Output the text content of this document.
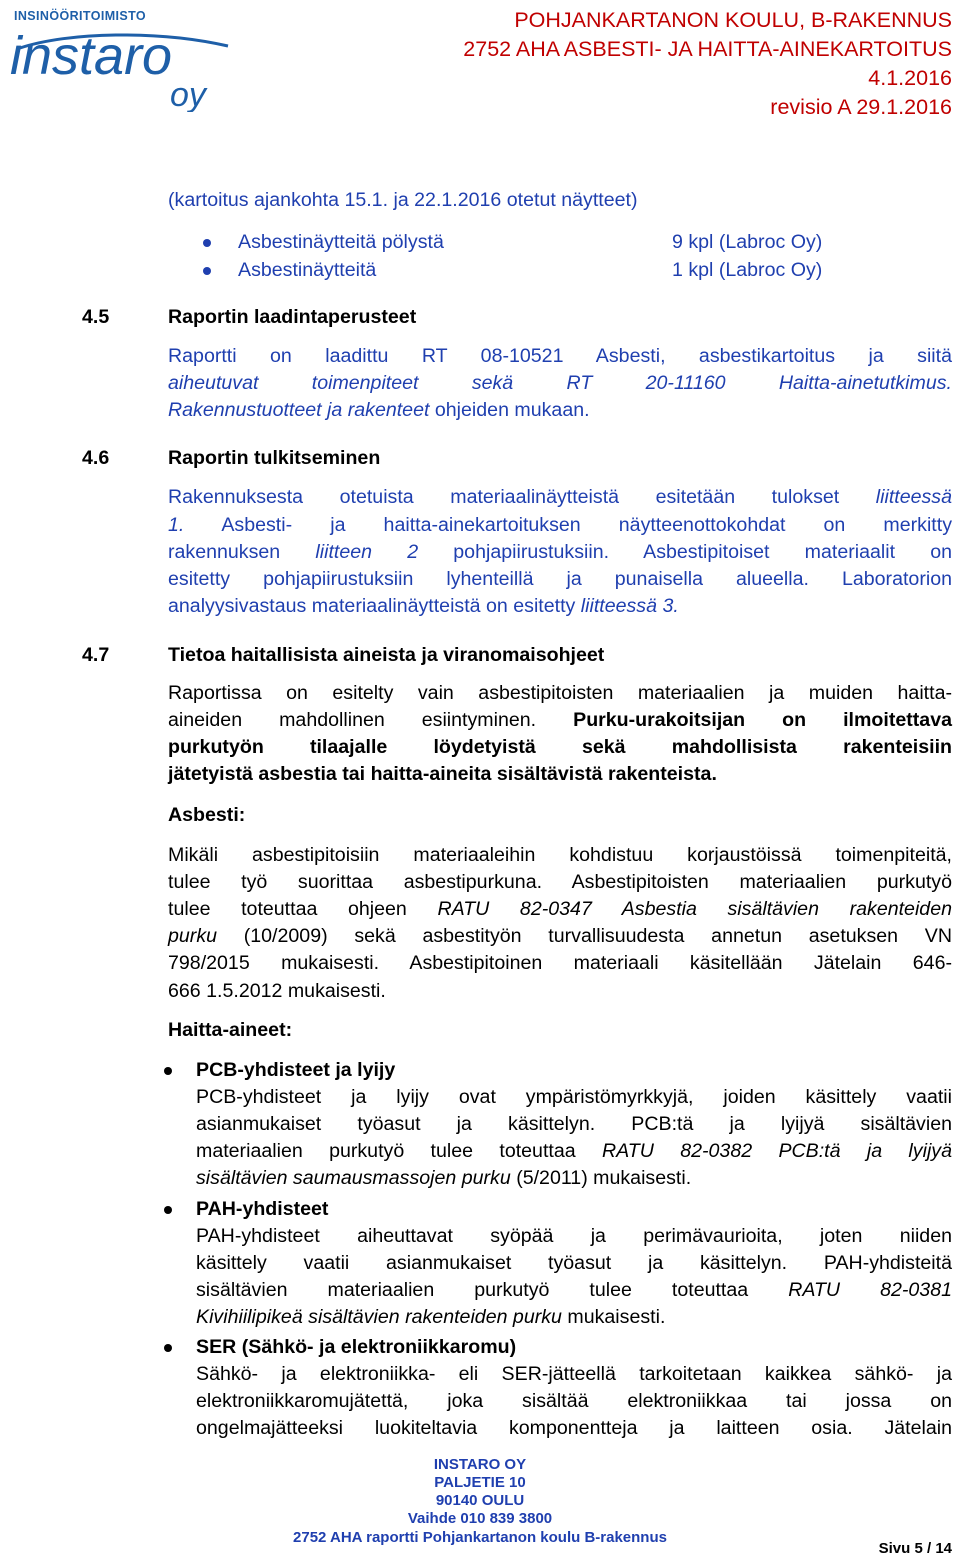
INSINÖÖRITOIMISTO
instaro
oy
POHJANKARTANON KOULU, B-RAKENNUS
2752 AHA ASBESTI- JA HAITTA-AINEKARTOITUS
4.1.2016
revisio A 29.1.2016
(kartoitus ajankohta 15.1. ja 22.1.2016 otetut näytteet)
Asbestinäytteitä pölystä	9 kpl (Labroc Oy)
Asbestinäytteitä	1 kpl (Labroc Oy)
4.5	Raportin laadintaperusteet
Raportti on laadittu RT 08-10521 Asbesti, asbestikartoitus ja siitä
aiheutuvat toimenpiteet sekä RT 20-11160 Haitta-ainetutkimus.
Rakennustuotteet ja rakenteet ohjeiden mukaan.
4.6	Raportin tulkitseminen
Rakennuksesta otetuista materiaalinäytteistä esitetään tulokset liitteessä
1. Asbesti- ja haitta-ainekartoituksen näytteenottokohdat on merkitty
rakennuksen liitteen 2 pohjapiirustuksiin. Asbestipitoiset materiaalit on
esitetty pohjapiirustuksiin lyhenteillä ja punaisella alueella. Laboratorion
analyysivastaus materiaalinäytteistä on esitetty liitteessä 3.
4.7	Tietoa haitallisista aineista ja viranomaisohjeet
Raportissa on esitelty vain asbestipitoisten materiaalien ja muiden haitta-
aineiden mahdollinen esiintyminen. Purku-urakoitsijan on ilmoitettava
purkutyön tilaajalle löydetyistä sekä mahdollisista rakenteisiin
jätetyistä asbestia tai haitta-aineita sisältävistä rakenteista.
Asbesti:
Mikäli asbestipitoisiin materiaaleihin kohdistuu korjaustöissä toimenpiteitä,
tulee työ suorittaa asbestipurkuna. Asbestipitoisten materiaalien purkutyö
tulee toteuttaa ohjeen RATU 82-0347 Asbestia sisältävien rakenteiden
purku (10/2009) sekä asbestityön turvallisuudesta annetun asetuksen VN
798/2015 mukaisesti. Asbestipitoinen materiaali käsitellään Jätelain 646-
666 1.5.2012 mukaisesti.
Haitta-aineet:
PCB-yhdisteet ja lyijy
PCB-yhdisteet ja lyijy ovat ympäristömyrkkyjä, joiden käsittely vaatii
asianmukaiset työasut ja käsittelyn. PCB:tä ja lyijyä sisältävien
materiaalien purkutyö tulee toteuttaa RATU 82-0382 PCB:tä ja lyijyä
sisältävien saumausmassojen purku (5/2011) mukaisesti.
PAH-yhdisteet
PAH-yhdisteet aiheuttavat syöpää ja perimävaurioita, joten niiden
käsittely vaatii asianmukaiset työasut ja käsittelyn. PAH-yhdisteitä
sisältävien materiaalien purkutyö tulee toteuttaa RATU 82-0381
Kivihiilipikeä sisältävien rakenteiden purku mukaisesti.
SER (Sähkö- ja elektroniikkaromu)
Sähkö- ja elektroniikka- eli SER-jätteellä tarkoitetaan kaikkea sähkö- ja
elektroniikkaromujätettä, joka sisältää elektroniikkaa tai jossa on
ongelmajätteeksi luokiteltavia komponentteja ja laitteen osia. Jätelain
INSTARO OY
PALJETIE 10
90140 OULU
Vaihde 010 839 3800
2752 AHA raportti Pohjankartanon koulu B-rakennus
Sivu 5 / 14
